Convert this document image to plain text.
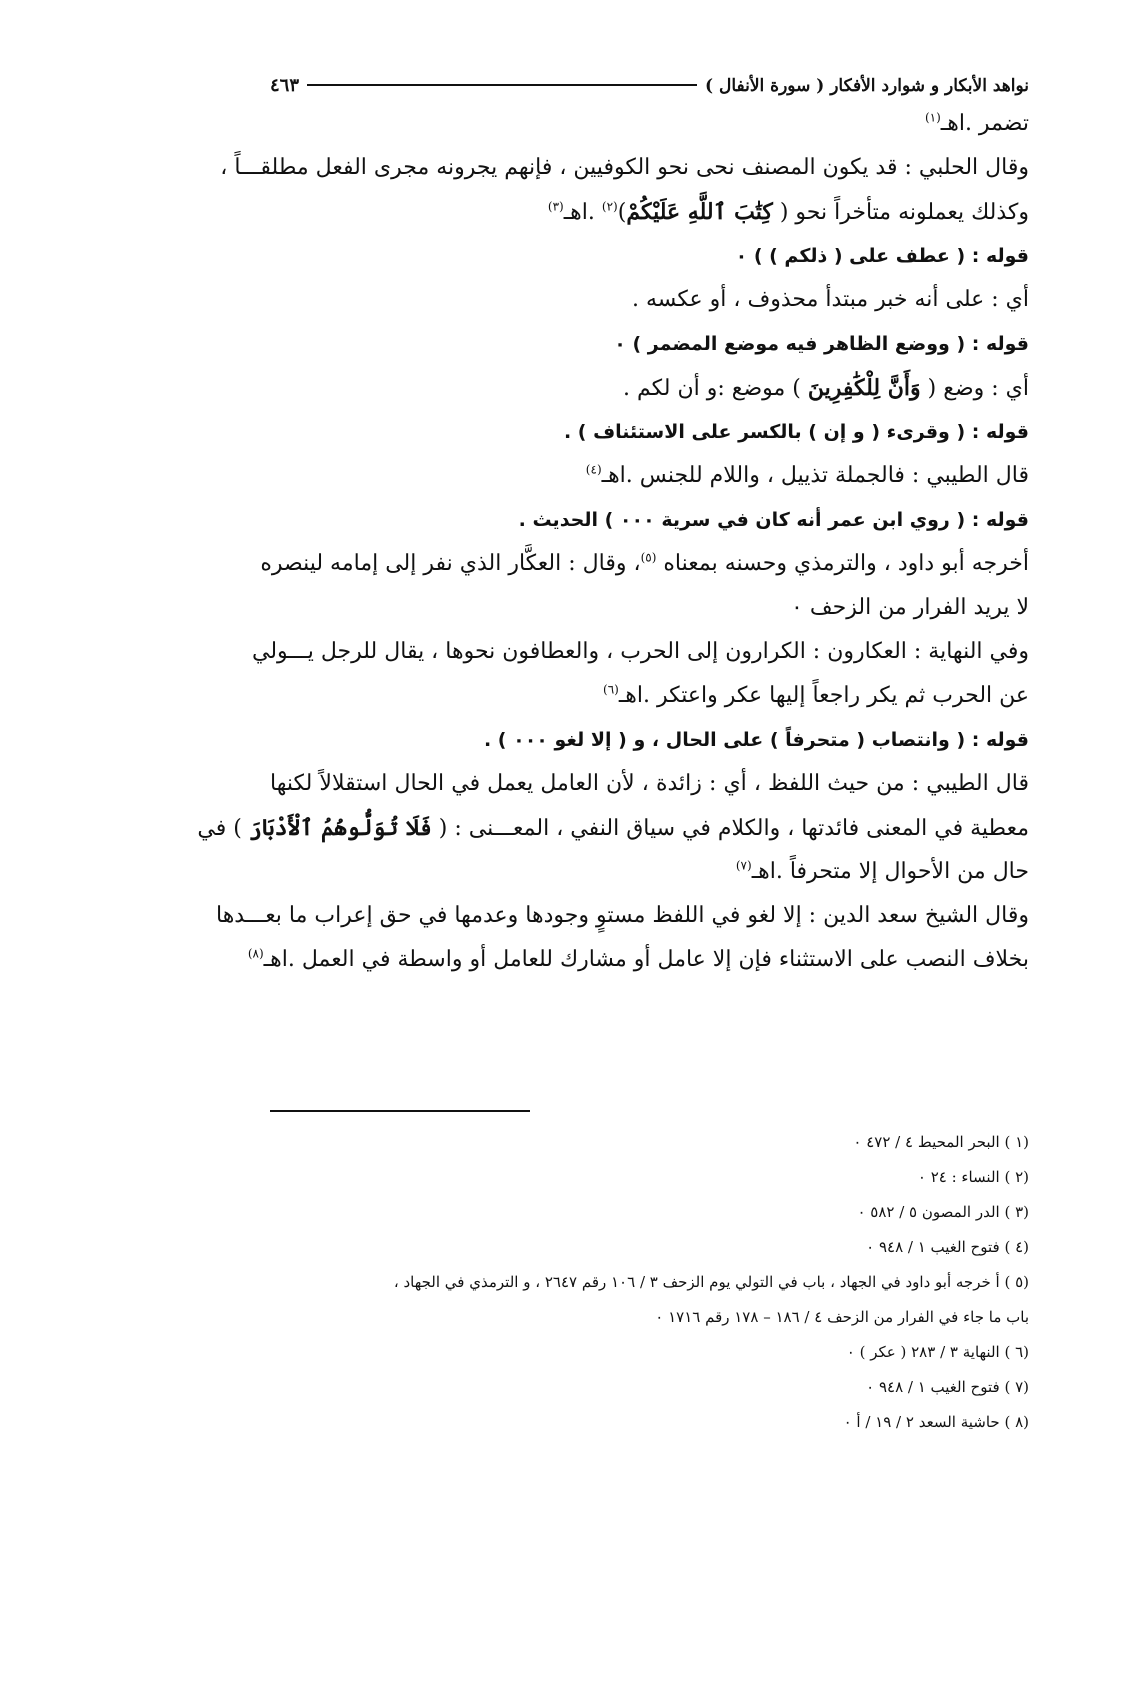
نواهد الأبكار و شوارد الأفكار ( سورة الأنفال )
٤٦٣
تضمر .اهـ$^{(١)}$
وقال الحلبي : قد يكون المصنف نحى نحو الكوفيين ، فإنهم يجرونه مجرى الفعل مطلقـــاً ،
وكذلك يعملونه متأخراً نحو ( كِتَٰبَ ٱللَّهِ عَلَيْكُمْ)$^{(٢)}$ .اهـ$^{(٣)}$
قوله : ( عطف على ( ذلكم ) ) ٠
أي : على أنه خبر مبتدأ محذوف ، أو عكسه .
قوله : ( ووضع الظاهر فيه موضع المضمر ) ٠
أي : وضع ( وَأَنَّ لِلْكَٰفِرِينَ ) موضع :و أن لكم .
قوله : ( وقرىء ( و إن ) بالكسر على الاستئناف ) .
قال الطيبي : فالجملة تذييل ، واللام للجنس .اهـ$^{(٤)}$
قوله : ( روي ابن عمر أنه كان في سرية ٠٠٠ ) الحديث .
أخرجه أبو داود ، والترمذي وحسنه بمعناه $^{(٥)}$، وقال : العكَّار الذي نفر إلى إمامه لينصره
لا يريد الفرار من الزحف ٠
وفي النهاية : العكارون : الكرارون إلى الحرب ، والعطافون نحوها ، يقال للرجل يـــولي
عن الحرب ثم يكر راجعاً إليها عكر واعتكر .اهـ$^{(٦)}$
قوله : ( وانتصاب ( متحرفاً ) على الحال ، و ( إلا لغو ٠٠٠ ) .
قال الطيبي : من حيث اللفظ ، أي : زائدة ، لأن العامل يعمل في الحال استقلالاً لكنها
معطية في المعنى فائدتها ، والكلام في سياق النفي ، المعـــنى : ( فَلَا تُوَلُّوهُمُ ٱلْأَدْبَارَ ) في
حال من الأحوال إلا متحرفاً .اهـ$^{(٧)}$
وقال الشيخ سعد الدين : إلا لغو في اللفظ مستوٍ وجودها وعدمها في حق إعراب ما بعـــدها
بخلاف النصب على الاستثناء فإن إلا عامل أو مشارك للعامل أو واسطة في العمل .اهـ$^{(٨)}$
(١ ) البحر المحيط ٤ / ٤٧٢ ٠
(٢ ) النساء : ٢٤ ٠
(٣ ) الدر المصون ٥ / ٥٨٢ ٠
(٤ ) فتوح الغيب ١ / ٩٤٨ ٠
(٥ ) أ خرجه أبو داود في الجهاد ، باب في التولي يوم الزحف ٣ / ١٠٦ رقم ٢٦٤٧ ، و الترمذي في الجهاد ،
باب ما جاء في الفرار من الزحف ٤ / ١٨٦ – ١٧٨ رقم ١٧١٦ ٠
(٦ ) النهاية ٣ / ٢٨٣ ( عكر ) ٠
(٧ ) فتوح الغيب ١ / ٩٤٨ ٠
(٨ ) حاشية السعد ٢ / ١٩ / أ ٠
